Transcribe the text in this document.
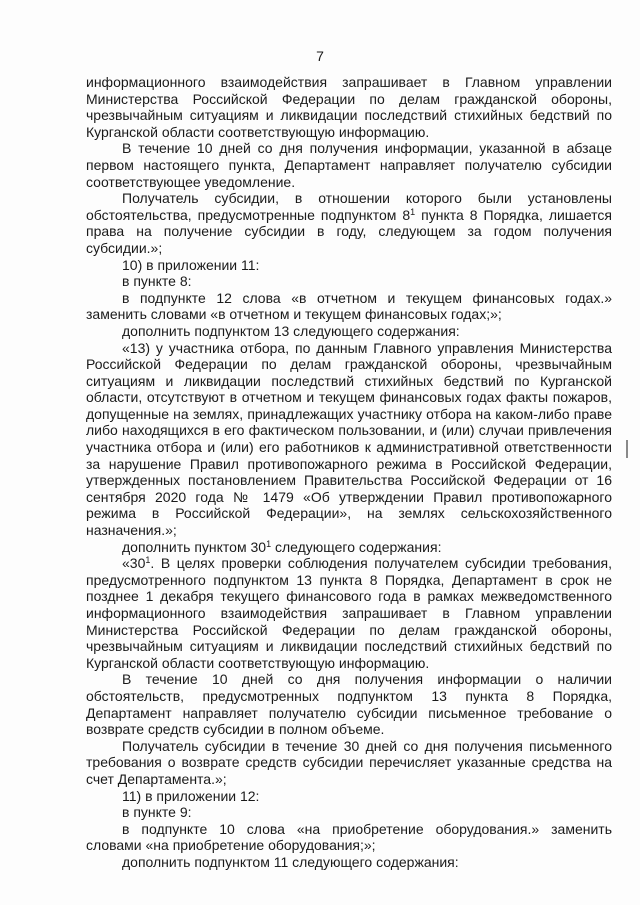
7

информационного взаимодействия запрашивает в Главном управлении Министерства Российской Федерации по делам гражданской обороны, чрезвычайным ситуациям и ликвидации последствий стихийных бедствий по Курганской области соответствующую информацию.

В течение 10 дней со дня получения информации, указанной в абзаце первом настоящего пункта, Департамент направляет получателю субсидии соответствующее уведомление.

Получатель субсидии, в отношении которого были установлены обстоятельства, предусмотренные подпунктом $8^1$ пункта 8 Порядка, лишается права на получение субсидии в году, следующем за годом получения субсидии.»;

10) в приложении 11:

в пункте 8:

в подпункте 12 слова «в отчетном и текущем финансовых годах.» заменить словами «в отчетном и текущем финансовых годах;»;

дополнить подпунктом 13 следующего содержания:

«13) у участника отбора, по данным Главного управления Министерства Российской Федерации по делам гражданской обороны, чрезвычайным ситуациям и ликвидации последствий стихийных бедствий по Курганской области, отсутствуют в отчетном и текущем финансовых годах факты пожаров, допущенные на землях, принадлежащих участнику отбора на каком-либо праве либо находящихся в его фактическом пользовании, и (или) случаи привлечения участника отбора и (или) его работников к административной ответственности за нарушение Правил противопожарного режима в Российской Федерации, утвержденных постановлением Правительства Российской Федерации от 16 сентября 2020 года № 1479 «Об утверждении Правил противопожарного режима в Российской Федерации», на землях сельскохозяйственного назначения.»;

дополнить пунктом $30^1$ следующего содержания:

«$30^1$. В целях проверки соблюдения получателем субсидии требования, предусмотренного подпунктом 13 пункта 8 Порядка, Департамент в срок не позднее 1 декабря текущего финансового года в рамках межведомственного информационного взаимодействия запрашивает в Главном управлении Министерства Российской Федерации по делам гражданской обороны, чрезвычайным ситуациям и ликвидации последствий стихийных бедствий по Курганской области соответствующую информацию.

В течение 10 дней со дня получения информации о наличии обстоятельств, предусмотренных подпунктом 13 пункта 8 Порядка, Департамент направляет получателю субсидии письменное требование о возврате средств субсидии в полном объеме.

Получатель субсидии в течение 30 дней со дня получения письменного требования о возврате средств субсидии перечисляет указанные средства на счет Департамента.»;

11) в приложении 12:

в пункте 9:

в подпункте 10 слова «на приобретение оборудования.» заменить словами «на приобретение оборудования;»;

дополнить подпунктом 11 следующего содержания:
